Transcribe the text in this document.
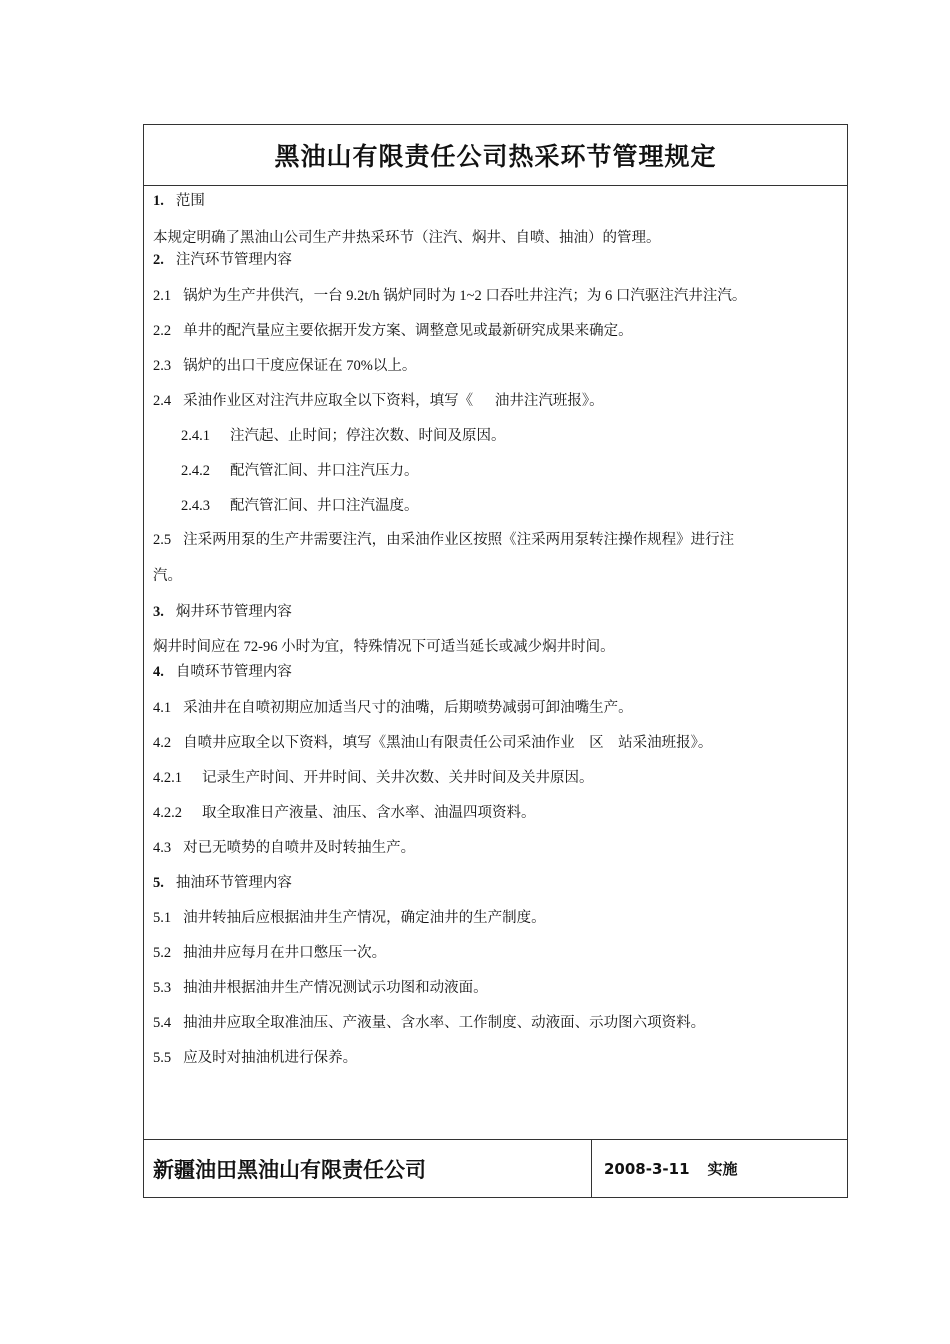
黑油山有限责任公司热采环节管理规定
1. 范围
本规定明确了黑油山公司生产井热采环节（注汽、焖井、自喷、抽油）的管理。
2. 注汽环节管理内容
2.1 锅炉为生产井供汽，一台 9.2t/h 锅炉同时为 1~2 口吞吐井注汽；为 6 口汽驱注汽井注汽。
2.2 单井的配汽量应主要依据开发方案、调整意见或最新研究成果来确定。
2.3 锅炉的出口干度应保证在 70%以上。
2.4 采油作业区对注汽井应取全以下资料，填写《      油井注汽班报》。
2.4.1 注汽起、止时间；停注次数、时间及原因。
2.4.2 配汽管汇间、井口注汽压力。
2.4.3 配汽管汇间、井口注汽温度。
2.5 注采两用泵的生产井需要注汽，由采油作业区按照《注采两用泵转注操作规程》进行注
汽。
3. 焖井环节管理内容
焖井时间应在 72-96 小时为宜，特殊情况下可适当延长或减少焖井时间。
4. 自喷环节管理内容
4.1 采油井在自喷初期应加适当尺寸的油嘴，后期喷势减弱可卸油嘴生产。
4.2 自喷井应取全以下资料，填写《黑油山有限责任公司采油作业    区    站采油班报》。
4.2.1 记录生产时间、开井时间、关井次数、关井时间及关井原因。
4.2.2 取全取准日产液量、油压、含水率、油温四项资料。
4.3 对已无喷势的自喷井及时转抽生产。
5. 抽油环节管理内容
5.1 油井转抽后应根据油井生产情况，确定油井的生产制度。
5.2 抽油井应每月在井口憋压一次。
5.3 抽油井根据油井生产情况测试示功图和动液面。
5.4 抽油井应取全取准油压、产液量、含水率、工作制度、动液面、示功图六项资料。
5.5 应及时对抽油机进行保养。
新疆油田黑油山有限责任公司	2008-3-11 实施
